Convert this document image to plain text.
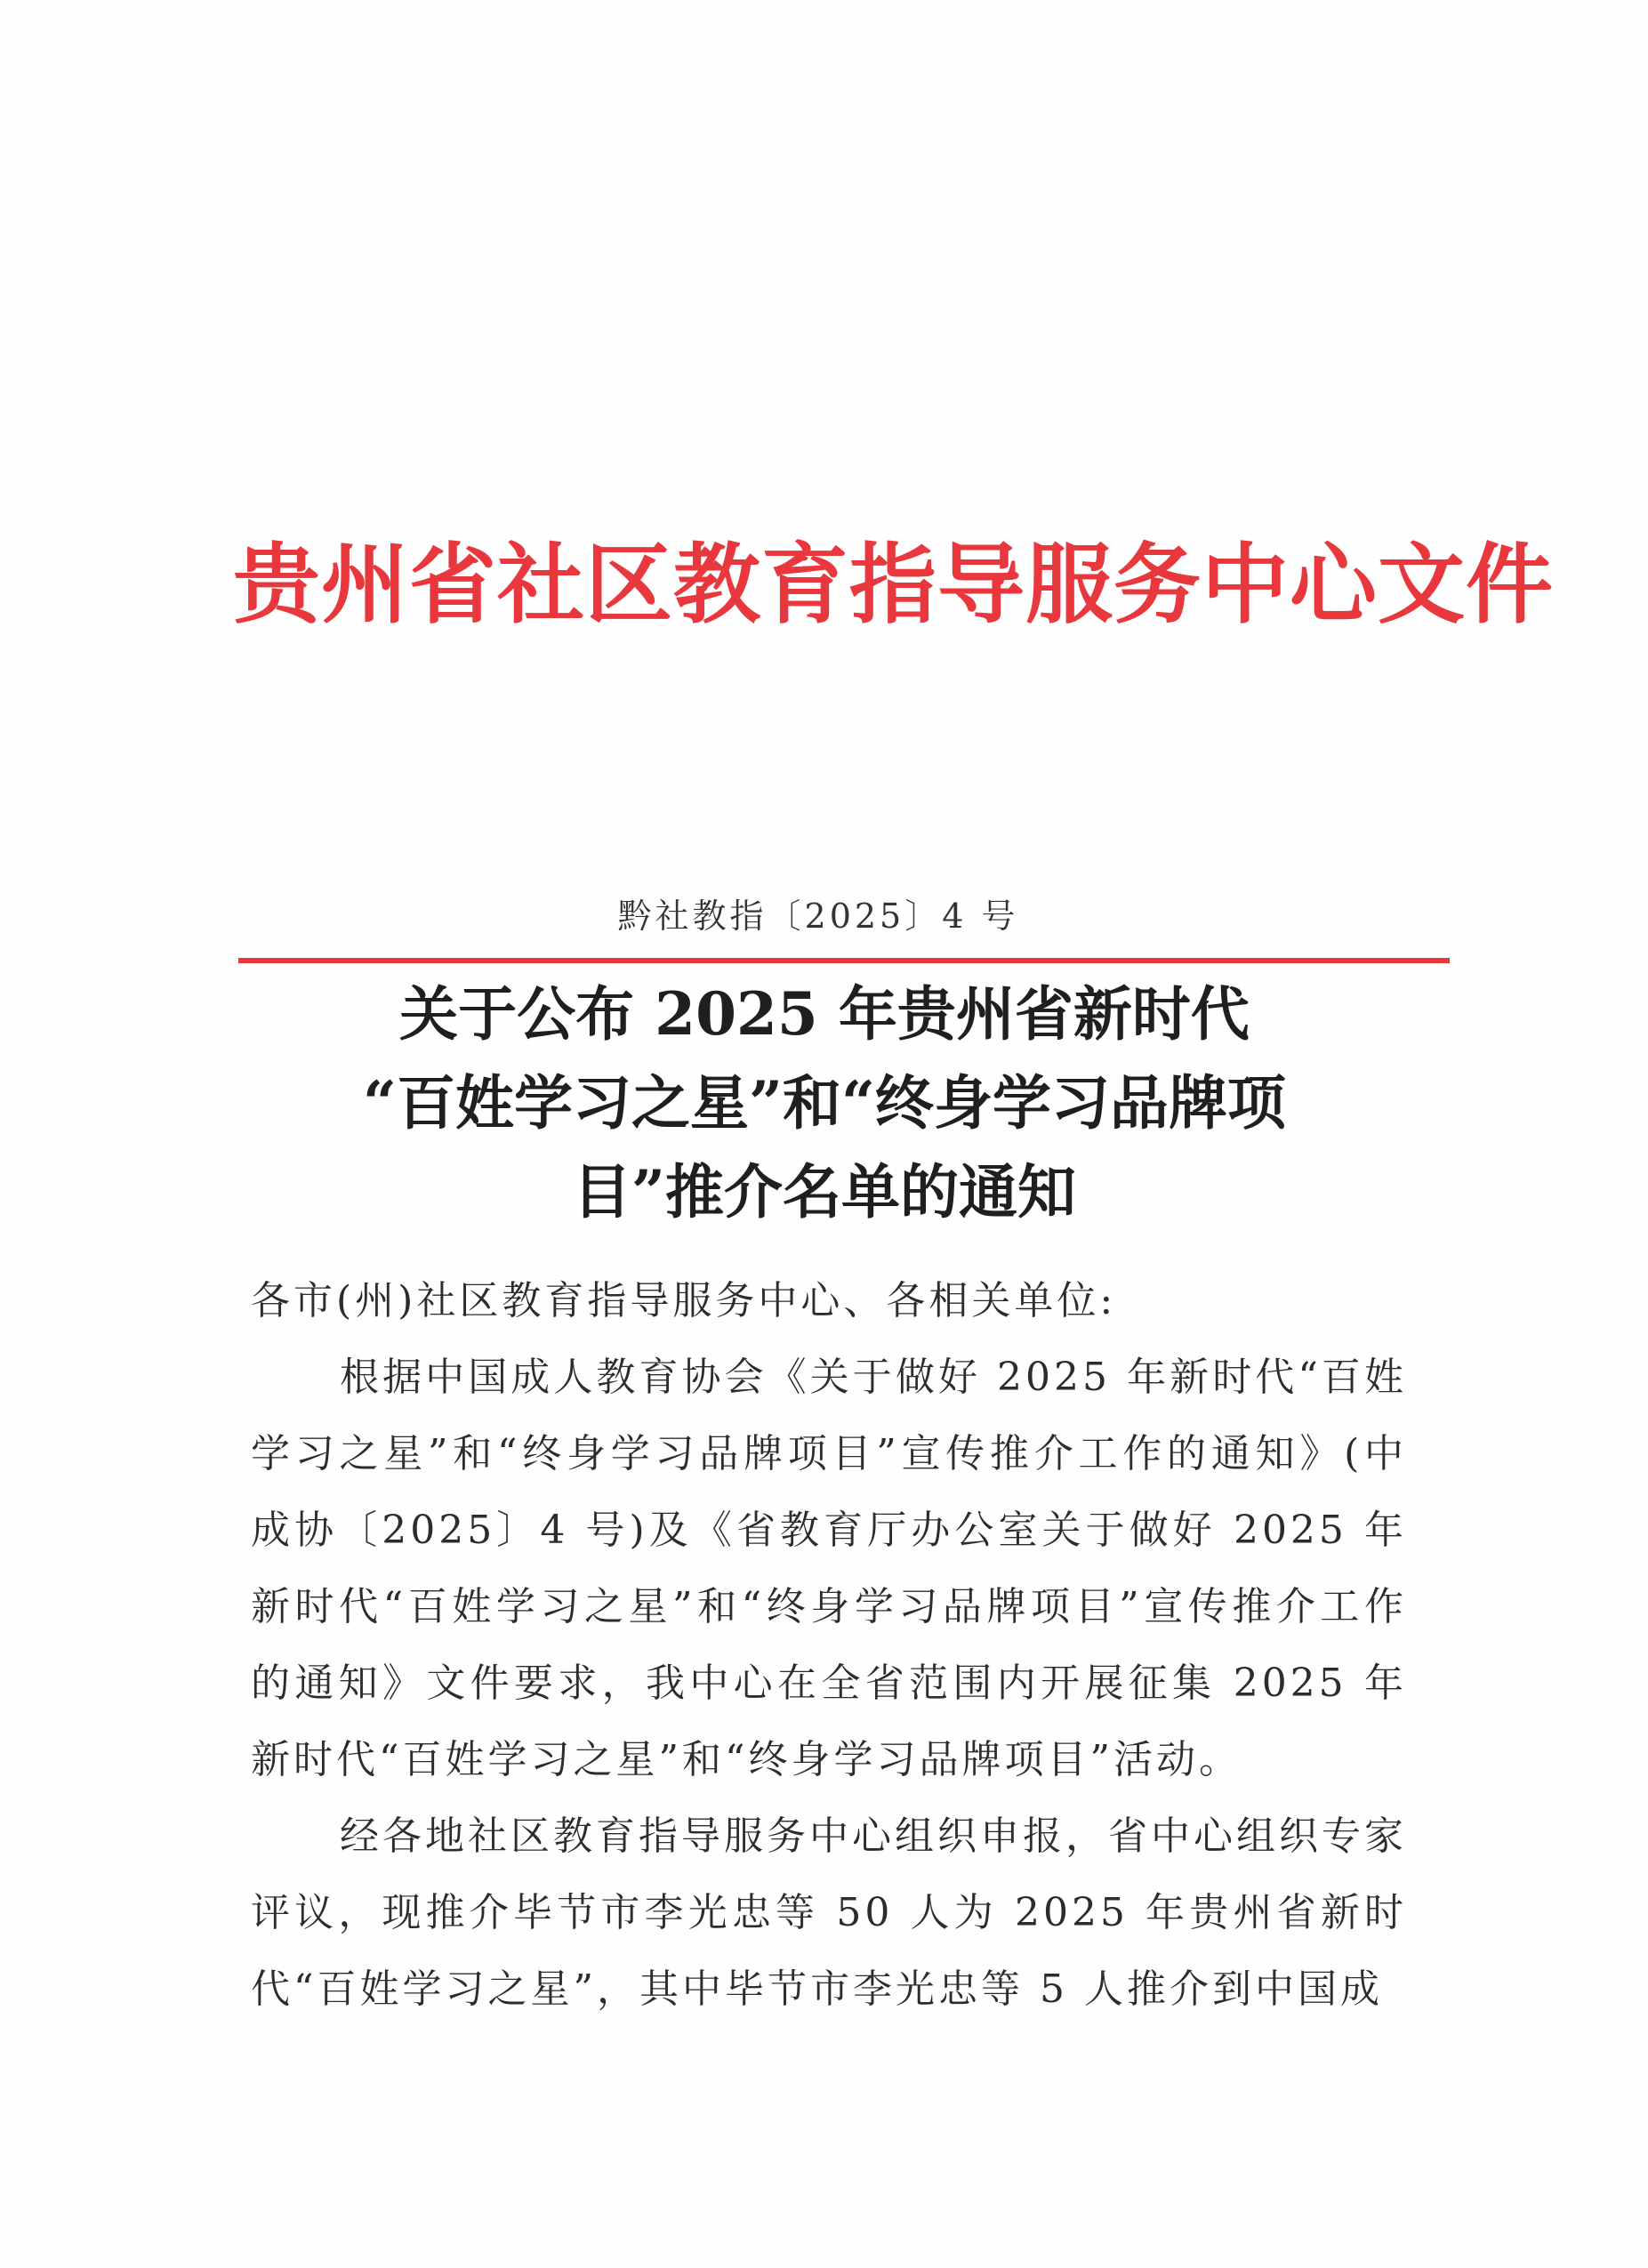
贵州省社区教育指导服务中心文件
黔社教指〔2025〕4 号
关于公布 2025 年贵州省新时代
“百姓学习之星”和“终身学习品牌项
目”推介名单的通知

各市(州)社区教育指导服务中心、各相关单位:

根据中国成人教育协会《关于做好 2025 年新时代“百姓学习之星”和“终身学习品牌项目”宣传推介工作的通知》(中成协〔2025〕4 号)及《省教育厅办公室关于做好 2025 年新时代“百姓学习之星”和“终身学习品牌项目”宣传推介工作的通知》文件要求，我中心在全省范围内开展征集 2025 年新时代“百姓学习之星”和“终身学习品牌项目”活动。

经各地社区教育指导服务中心组织申报，省中心组织专家评议，现推介毕节市李光忠等 50 人为 2025 年贵州省新时代“百姓学习之星”，其中毕节市李光忠等 5 人推介到中国成
